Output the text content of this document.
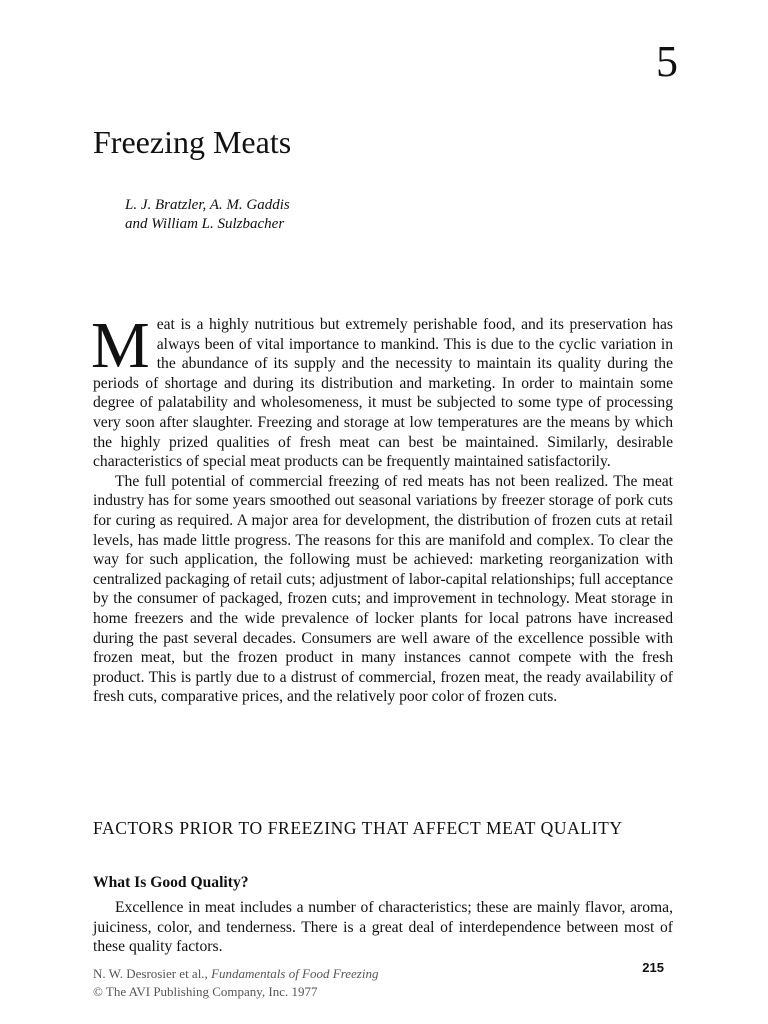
5
Freezing Meats
L. J. Bratzler, A. M. Gaddis
and William L. Sulzbacher

Meat is a highly nutritious but extremely perishable food, and its preservation has always been of vital importance to mankind. This is due to the cyclic variation in the abundance of its supply and the necessity to maintain its quality during the periods of shortage and during its distribution and marketing. In order to maintain some degree of palatability and wholesomeness, it must be subjected to some type of processing very soon after slaughter. Freezing and storage at low temperatures are the means by which the highly prized qualities of fresh meat can best be maintained. Similarly, desirable characteristics of special meat products can be frequently maintained satisfactorily.

The full potential of commercial freezing of red meats has not been realized. The meat industry has for some years smoothed out seasonal variations by freezer storage of pork cuts for curing as required. A major area for development, the distribution of frozen cuts at retail levels, has made little progress. The reasons for this are manifold and complex. To clear the way for such application, the following must be achieved: marketing reorganization with centralized packaging of retail cuts; adjustment of labor-capital relationships; full acceptance by the consumer of packaged, frozen cuts; and improvement in technology. Meat storage in home freezers and the wide prevalence of locker plants for local patrons have increased during the past several decades. Consumers are well aware of the excellence possible with frozen meat, but the frozen product in many instances cannot compete with the fresh product. This is partly due to a distrust of commercial, frozen meat, the ready availability of fresh cuts, comparative prices, and the relatively poor color of frozen cuts.

FACTORS PRIOR TO FREEZING THAT AFFECT MEAT QUALITY
What Is Good Quality?

Excellence in meat includes a number of characteristics; these are mainly flavor, aroma, juiciness, color, and tenderness. There is a great deal of interdependence between most of these quality factors.

N. W. Desrosier et al., Fundamentals of Food Freezing
© The AVI Publishing Company, Inc. 1977
215
